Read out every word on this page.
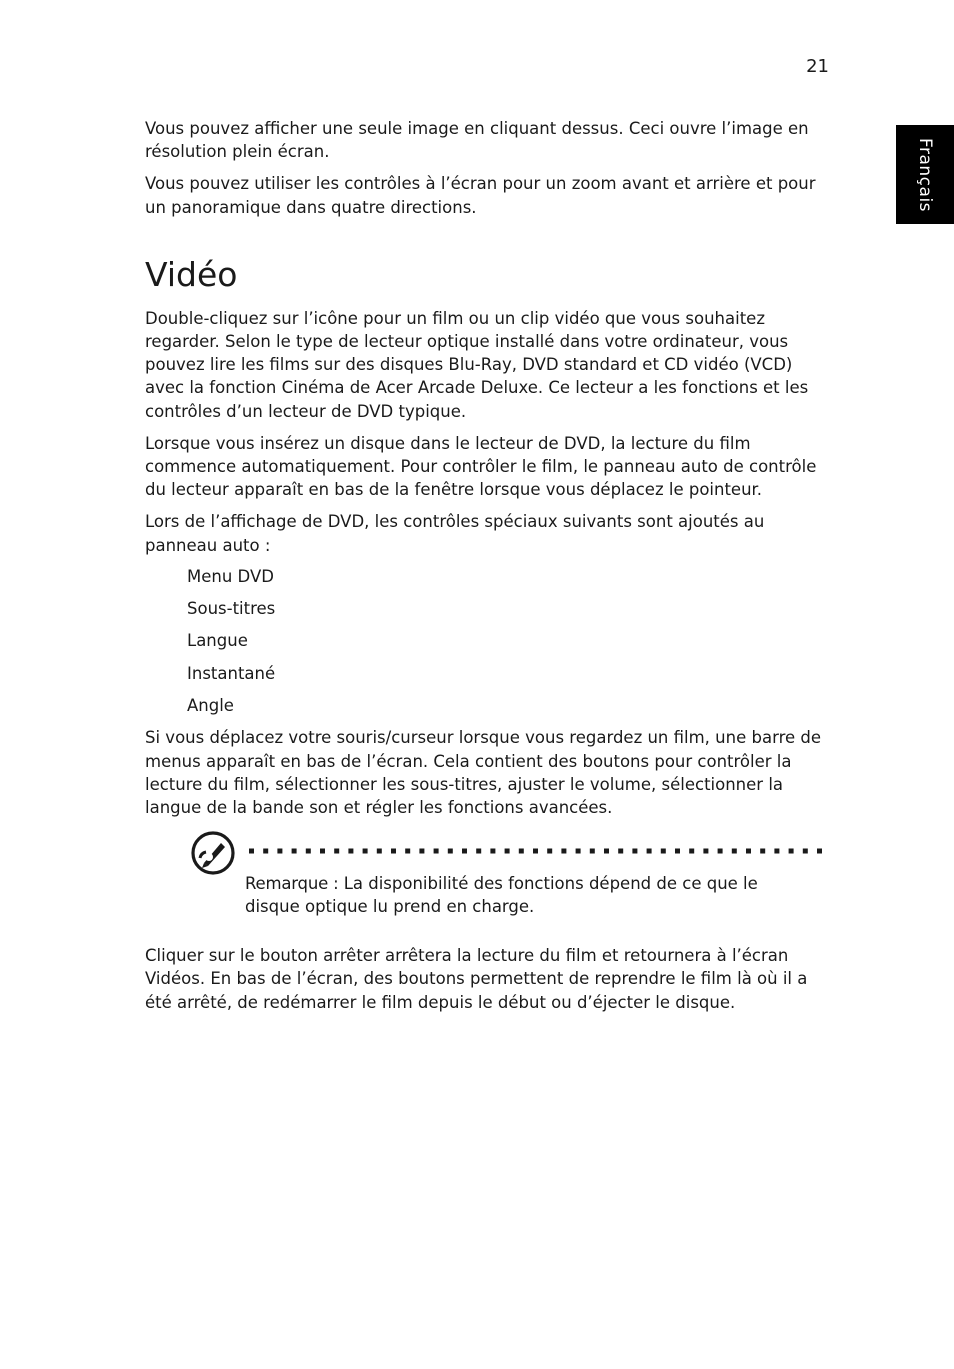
21
Français

Vous pouvez afficher une seule image en cliquant dessus. Ceci ouvre l’image en résolution plein écran.

Vous pouvez utiliser les contrôles à l’écran pour un zoom avant et arrière et pour un panoramique dans quatre directions.

Vidéo

Double-cliquez sur l’icône pour un film ou un clip vidéo que vous souhaitez regarder. Selon le type de lecteur optique installé dans votre ordinateur, vous pouvez lire les films sur des disques Blu-Ray, DVD standard et CD vidéo (VCD) avec la fonction Cinéma de Acer Arcade Deluxe. Ce lecteur a les fonctions et les contrôles d’un lecteur de DVD typique.

Lorsque vous insérez un disque dans le lecteur de DVD, la lecture du film commence automatiquement. Pour contrôler le film, le panneau auto de contrôle du lecteur apparaît en bas de la fenêtre lorsque vous déplacez le pointeur.

Lors de l’affichage de DVD, les contrôles spéciaux suivants sont ajoutés au panneau auto :

Menu DVD
Sous-titres
Langue
Instantané
Angle

Si vous déplacez votre souris/curseur lorsque vous regardez un film, une barre de menus apparaît en bas de l’écran. Cela contient des boutons pour contrôler la lecture du film, sélectionner les sous-titres, ajuster le volume, sélectionner la langue de la bande son et régler les fonctions avancées.

Remarque : La disponibilité des fonctions dépend de ce que le disque optique lu prend en charge.

Cliquer sur le bouton arrêter arrêtera la lecture du film et retournera à l’écran Vidéos. En bas de l’écran, des boutons permettent de reprendre le film là où il a été arrêté, de redémarrer le film depuis le début ou d’éjecter le disque.
